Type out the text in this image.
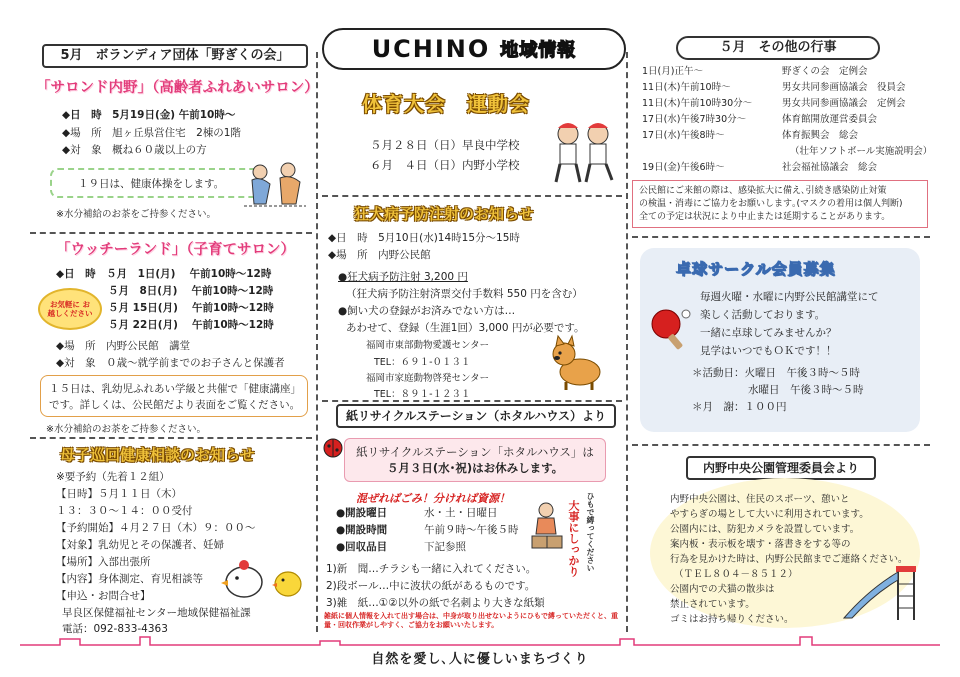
UCHINO 地域情報
5月　ボランディア団体「野ぎくの会」
「サロンド内野」（高齢者ふれあいサロン）
◆日　時　5月19日(金) 午前10時～
◆場　所　旭ヶ丘県営住宅　2棟の1階
◆対　象　概ね６０歳以上の方
１９日は、健康体操をします。
※水分補給のお茶をご持参ください。
「ウッチーランド」（子育てサロン）
◆日　時　５月　1日(月)　 午前10時～12時
５月　8日(月)　 午前10時～12時
５月 15日(月)　 午前10時～12時
５月 22日(月)　 午前10時～12時
お気軽に お越しください
◆場　所　内野公民館　講堂
◆対　象　０歳～就学前までのお子さんと保護者
１５日は、乳幼児ふれあい学級と共催で「健康講座」
です。詳しくは、公民館だより表面をご覧ください。
※水分補給のお茶をご持参ください。
母子巡回健康相談のお知らせ
※要予約（先着１２組）
【日時】５月１１日（木）
１３：３０～１４：００受付
【予約開始】４月２７日（木）９：００～
【対象】乳幼児とその保護者、妊婦
【場所】入部出張所
【内容】身体測定、育児相談等
【申込・お問合せ】
早良区保健福祉センター地域保健福祉課
電話：092-833-4363
体育大会　運動会
５月２８日（日）早良中学校
６月　４日（日）内野小学校
狂犬病予防注射のお知らせ
◆日　時　5月10日(水)14時15分～15時
◆場　所　内野公民館
●狂犬病予防注射 3,200 円
（狂犬病予防注射済票交付手数料 550 円を含む）
●飼い犬の登録がお済みでない方は…
あわせて、登録（生涯1回）3,000 円が必要です。
福岡市東部動物愛護センター
TEL：６９１-０１３１
福岡市家庭動物啓発センター
TEL：８９１-１２３１
紙リサイクルステーション（ホタルハウス）より
紙リサイクルステーション「ホタルハウス」は
５月３日(水･祝)はお休みします。
混ぜればごみ！分ければ資源！
大事にしっかり ひもで縛ってください
●開設曜日	水・土・日曜日
●開設時間	午前９時～午後５時
●回収品目	下記参照
1)新　聞…チラシも一緒に入れてください。
2)段ボール…中に波状の紙があるものです。
3)雑　紙…①②以外の紙で名刺より大きな紙類
雑紙に個人情報を入れて出す場合は、中身が取り出せないようにひもで縛っていただくと、重量・回収作業がしやすく、ご協力をお願いいたします。
５月　その他の行事
1日(月)正午～	野ぎくの会　定例会
11日(木)午前10時～	男女共同参画協議会　役員会
11日(木)午前10時30分～	男女共同参画協議会　定例会
17日(水)午後7時30分～	体育館開放運営委員会
17日(水)午後8時～	体育振興会　総会
（壮年ソフトボール実施説明会）
19日(金)午後6時～	社会福祉協議会　総会
公民館にご来館の際は、感染拡大に備え､引続き感染防止対策
の検温・消毒にご協力をお願いします｡(マスクの着用は個人判断)
全ての予定は状況により中止または延期することがあります。
卓球サークル会員募集
毎週火曜・水曜に内野公民館講堂にて
楽しく活動しております。
一緒に卓球してみませんか？
見学はいつでもＯＫです！！
＊活動日：火曜日　午後３時～５時
水曜日　午後３時～５時
＊月　謝：１００円
内野中央公園管理委員会より
内野中央公園は、住民のスポーツ、憩いと
やすらぎの場として大いに利用されています。
公園内には、防犯カメラを設置しています。
案内板・表示板を壊す・落書きをする等の
行為を見かけた時は、内野公民館までご連絡ください。
（ＴＥＬ８０４－８５１２）
公園内での犬猫の散歩は
禁止されています。
ゴミはお持ち帰りください。
自然を愛し､人に優しいまちづくり
